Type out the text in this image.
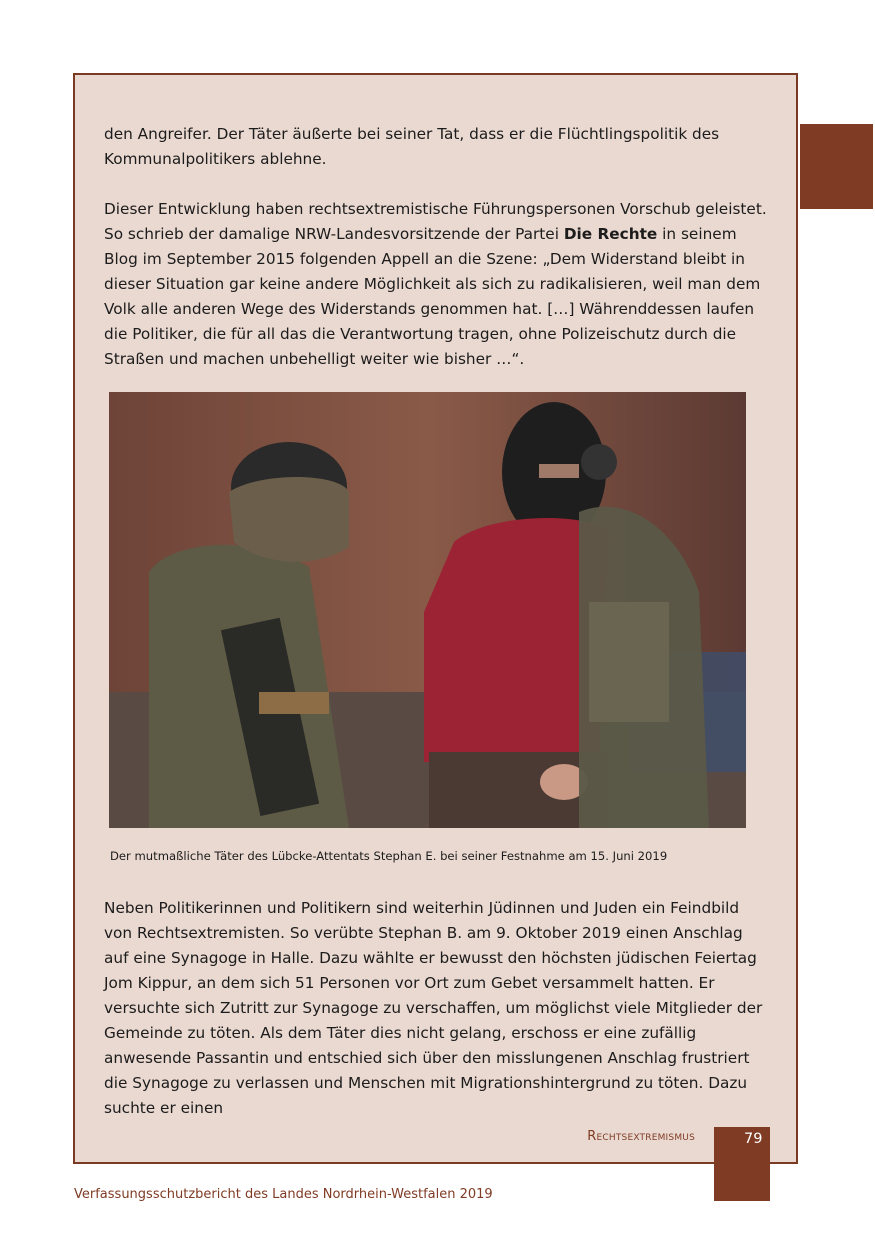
den Angreifer. Der Täter äußerte bei seiner Tat, dass er die Flüchtlingspolitik des Kommunalpolitikers ablehne.

Dieser Entwicklung haben rechtsextremistische Führungspersonen Vorschub geleistet. So schrieb der damalige NRW-Landesvorsitzende der Partei Die Rechte in seinem Blog im September 2015 folgenden Appell an die Szene: „Dem Widerstand bleibt in dieser Situation gar keine andere Möglichkeit als sich zu radikalisieren, weil man dem Volk alle anderen Wege des Widerstands genommen hat. […] Währenddessen laufen die Politiker, die für all das die Verantwortung tragen, ohne Polizeischutz durch die Straßen und machen unbehelligt weiter wie bisher …“.

Der mutmaßliche Täter des Lübcke-Attentats Stephan E. bei seiner Festnahme am 15. Juni 2019

Neben Politikerinnen und Politikern sind weiterhin Jüdinnen und Juden ein Feindbild von Rechtsextremisten. So verübte Stephan B. am 9. Oktober 2019 einen Anschlag auf eine Synagoge in Halle. Dazu wählte er bewusst den höchsten jüdischen Feiertag Jom Kippur, an dem sich 51 Personen vor Ort zum Gebet versammelt hatten. Er versuchte sich Zutritt zur Synagoge zu verschaffen, um möglichst viele Mitglieder der Gemeinde zu töten. Als dem Täter dies nicht gelang, erschoss er eine zufällig anwesende Passantin und entschied sich über den misslungenen Anschlag frustriert die Synagoge zu verlassen und Menschen mit Migrationshintergrund zu töten. Dazu suchte er einen

Rechtsextremismus	79
Verfassungsschutzbericht des Landes Nordrhein-Westfalen 2019
